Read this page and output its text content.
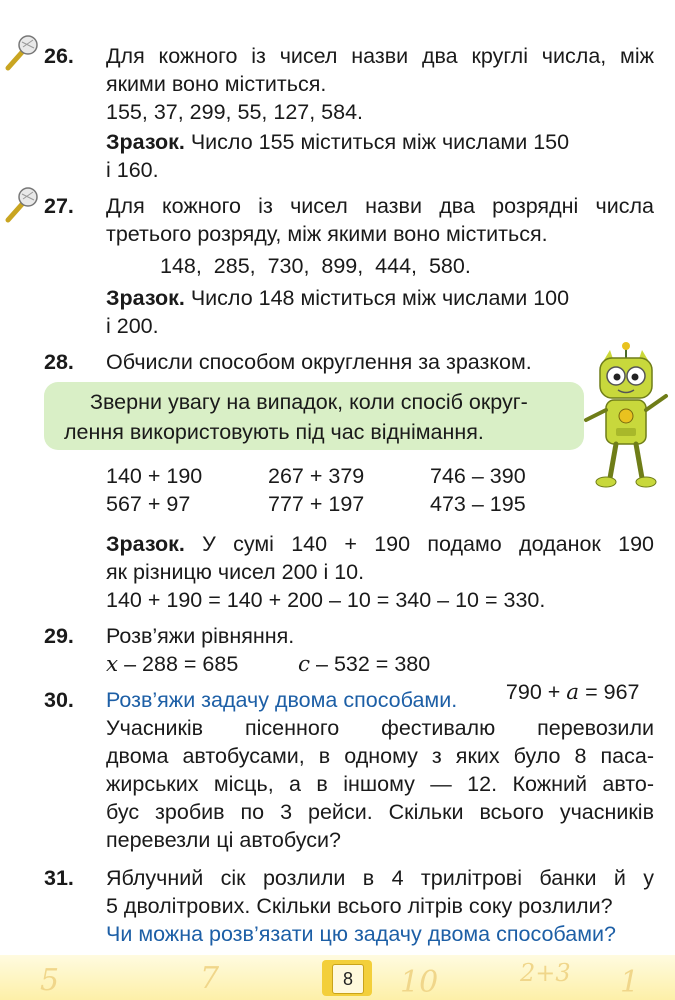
26. Для кожного із чисел назви два круглі числа, між
якими воно міститься.
155, 37, 299, 55, 127, 584.
Зразок. Число 155 міститься між числами 150
і 160.
27. Для кожного із чисел назви два розрядні числа
третього розряду, між якими воно міститься.
148,  285,  730,  899,  444,  580.
Зразок. Число 148 міститься між числами 100
і 200.
28. Обчисли способом округлення за зразком.
Зверни увагу на випадок, коли спосіб округ-
лення використовують під час віднімання.
140 + 190	267 + 379	746 – 390
567 + 97	777 + 197	473 – 195
Зразок. У сумі 140 + 190 подамо доданок 190
як різницю чисел 200 і 10.
140 + 190 = 140 + 200 – 10 = 340 – 10 = 330.
29. Розв’яжи рівняння.
x – 288 = 685	c – 532 = 380

790 + a = 967

30. Розв’яжи задачу двома способами.
Учасників пісенного фестивалю перевозили
двома автобусами, в одному з яких було 8 паса-
жирських місць, а в іншому — 12. Кожний авто-
бус зробив по 3 рейси. Скільки всього учасників
перевезли ці автобуси?
31. Яблучний сік розлили в 4 трилітрові банки й у
5 дволітрових. Скільки всього літрів соку розлили?
Чи можна розв’язати цю задачу двома способами?
5	7	10	2+3 1
8
